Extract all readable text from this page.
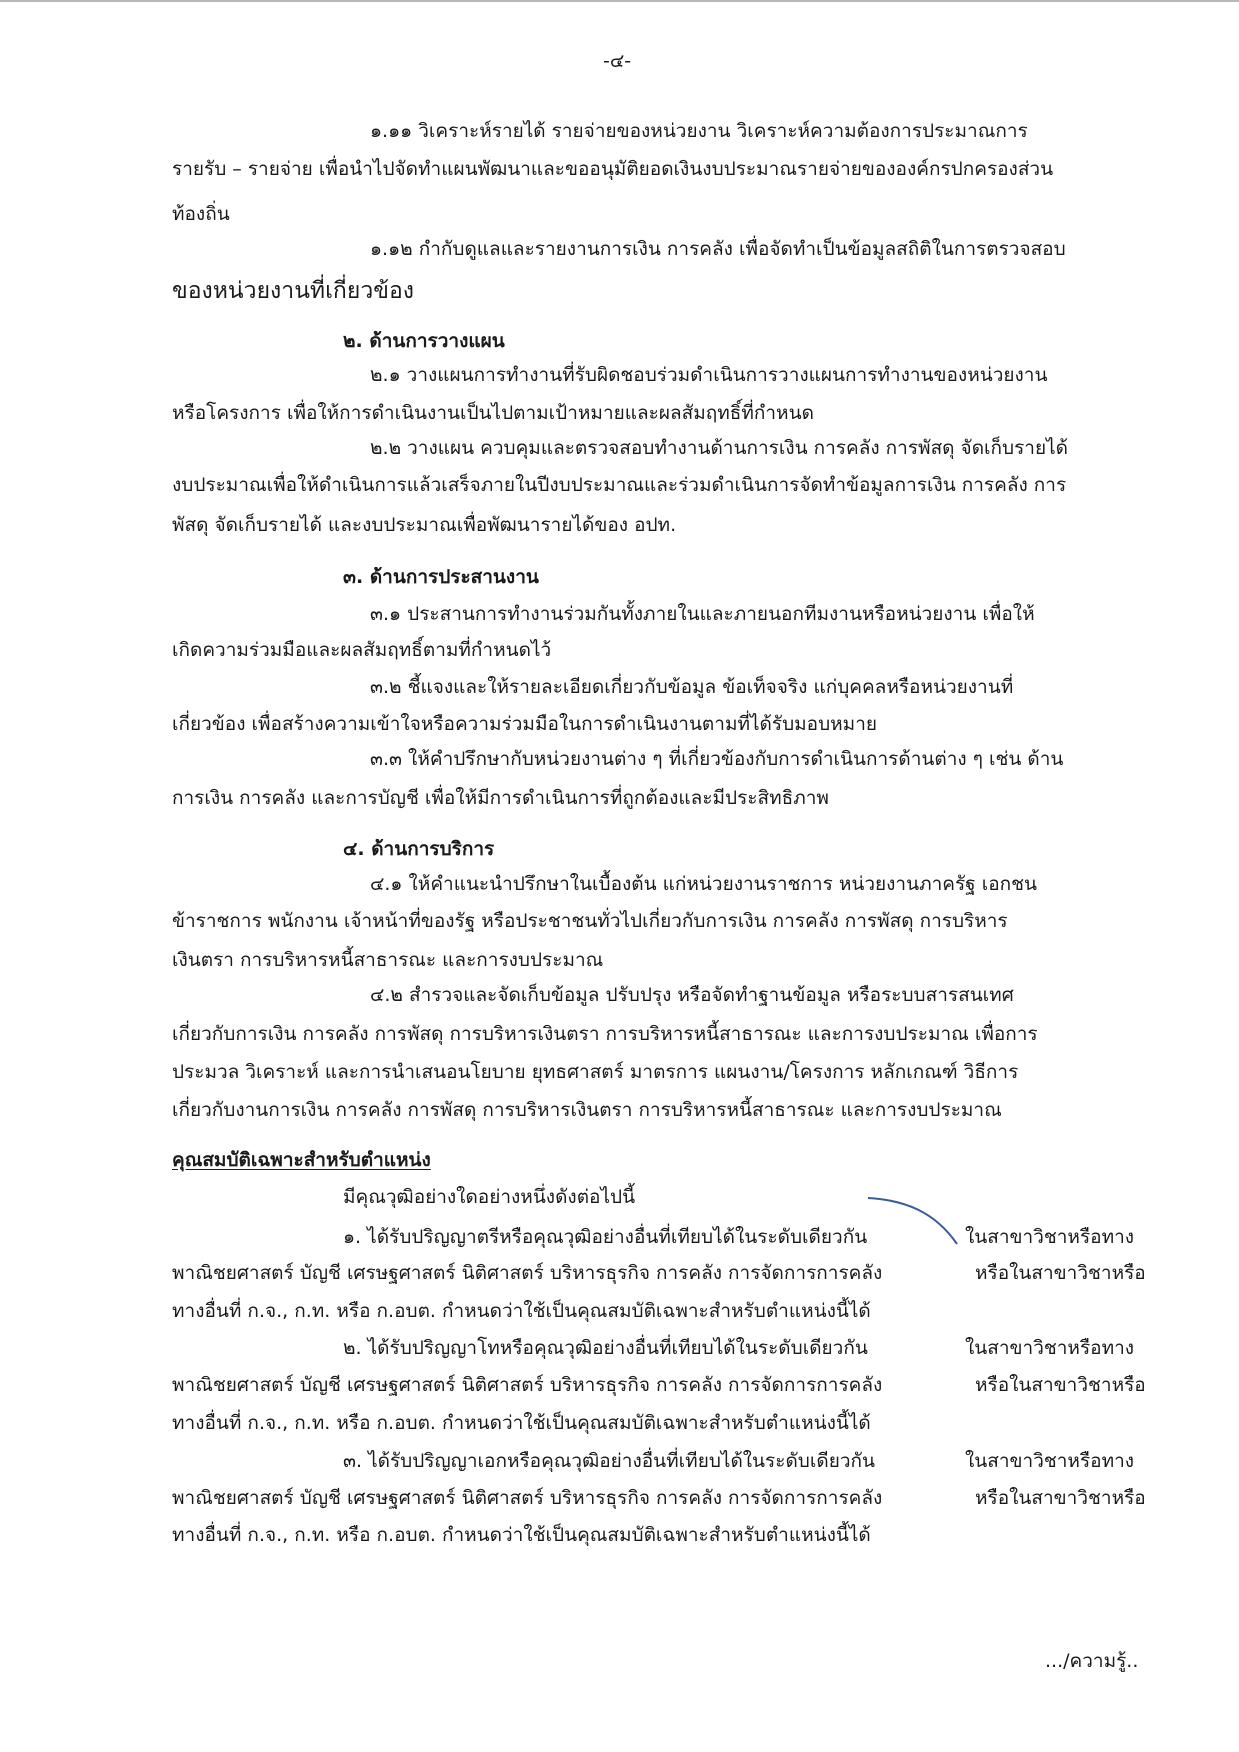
-๔-

๑.๑๑ วิเคราะห์รายได้ รายจ่ายของหน่วยงาน วิเคราะห์ความต้องการประมาณการ

รายรับ – รายจ่าย เพื่อนำไปจัดทำแผนพัฒนาและขออนุมัติยอดเงินงบประมาณรายจ่ายขององค์กรปกครองส่วน

ท้องถิ่น

๑.๑๒ กำกับดูแลและรายงานการเงิน การคลัง เพื่อจัดทำเป็นข้อมูลสถิติในการตรวจสอบ

ของหน่วยงานที่เกี่ยวข้อง

๒. ด้านการวางแผน

๒.๑ วางแผนการทำงานที่รับผิดชอบร่วมดำเนินการวางแผนการทำงานของหน่วยงาน

หรือโครงการ เพื่อให้การดำเนินงานเป็นไปตามเป้าหมายและผลสัมฤทธิ์ที่กำหนด

๒.๒ วางแผน ควบคุมและตรวจสอบทำงานด้านการเงิน การคลัง การพัสดุ จัดเก็บรายได้

งบประมาณเพื่อให้ดำเนินการแล้วเสร็จภายในปีงบประมาณและร่วมดำเนินการจัดทำข้อมูลการเงิน การคลัง การ

พัสดุ จัดเก็บรายได้ และงบประมาณเพื่อพัฒนารายได้ของ อปท.

๓. ด้านการประสานงาน

๓.๑ ประสานการทำงานร่วมกันทั้งภายในและภายนอกทีมงานหรือหน่วยงาน เพื่อให้

เกิดความร่วมมือและผลสัมฤทธิ์ตามที่กำหนดไว้

๓.๒ ชี้แจงและให้รายละเอียดเกี่ยวกับข้อมูล ข้อเท็จจริง แก่บุคคลหรือหน่วยงานที่

เกี่ยวข้อง เพื่อสร้างความเข้าใจหรือความร่วมมือในการดำเนินงานตามที่ได้รับมอบหมาย

๓.๓ ให้คำปรึกษากับหน่วยงานต่าง ๆ ที่เกี่ยวข้องกับการดำเนินการด้านต่าง ๆ เช่น ด้าน

การเงิน การคลัง และการบัญชี เพื่อให้มีการดำเนินการที่ถูกต้องและมีประสิทธิภาพ

๔. ด้านการบริการ

๔.๑ ให้คำแนะนำปรึกษาในเบื้องต้น แก่หน่วยงานราชการ หน่วยงานภาครัฐ เอกชน

ข้าราชการ พนักงาน เจ้าหน้าที่ของรัฐ หรือประชาชนทั่วไปเกี่ยวกับการเงิน การคลัง การพัสดุ การบริหาร

เงินตรา การบริหารหนี้สาธารณะ และการงบประมาณ

๔.๒ สำรวจและจัดเก็บข้อมูล ปรับปรุง หรือจัดทำฐานข้อมูล หรือระบบสารสนเทศ

เกี่ยวกับการเงิน การคลัง การพัสดุ การบริหารเงินตรา การบริหารหนี้สาธารณะ และการงบประมาณ เพื่อการ

ประมวล วิเคราะห์ และการนำเสนอนโยบาย ยุทธศาสตร์ มาตรการ แผนงาน/โครงการ หลักเกณฑ์ วิธีการ

เกี่ยวกับงานการเงิน การคลัง การพัสดุ การบริหารเงินตรา การบริหารหนี้สาธารณะ และการงบประมาณ

คุณสมบัติเฉพาะสำหรับตำแหน่ง

มีคุณวุฒิอย่างใดอย่างหนึ่งดังต่อไปนี้

๑. ได้รับปริญญาตรีหรือคุณวุฒิอย่างอื่นที่เทียบได้ในระดับเดียวกัน	ในสาขาวิชาหรือทาง

พาณิชยศาสตร์ บัญชี เศรษฐศาสตร์ นิติศาสตร์ บริหารธุรกิจ การคลัง การจัดการการคลัง	หรือในสาขาวิชาหรือ

ทางอื่นที่ ก.จ., ก.ท. หรือ ก.อบต. กำหนดว่าใช้เป็นคุณสมบัติเฉพาะสำหรับตำแหน่งนี้ได้

๒. ได้รับปริญญาโทหรือคุณวุฒิอย่างอื่นที่เทียบได้ในระดับเดียวกัน	ในสาขาวิชาหรือทาง

พาณิชยศาสตร์ บัญชี เศรษฐศาสตร์ นิติศาสตร์ บริหารธุรกิจ การคลัง การจัดการการคลัง	หรือในสาขาวิชาหรือ

ทางอื่นที่ ก.จ., ก.ท. หรือ ก.อบต. กำหนดว่าใช้เป็นคุณสมบัติเฉพาะสำหรับตำแหน่งนี้ได้

๓. ได้รับปริญญาเอกหรือคุณวุฒิอย่างอื่นที่เทียบได้ในระดับเดียวกัน	ในสาขาวิชาหรือทาง

พาณิชยศาสตร์ บัญชี เศรษฐศาสตร์ นิติศาสตร์ บริหารธุรกิจ การคลัง การจัดการการคลัง	หรือในสาขาวิชาหรือ

ทางอื่นที่ ก.จ., ก.ท. หรือ ก.อบต. กำหนดว่าใช้เป็นคุณสมบัติเฉพาะสำหรับตำแหน่งนี้ได้

.../ความรู้..
